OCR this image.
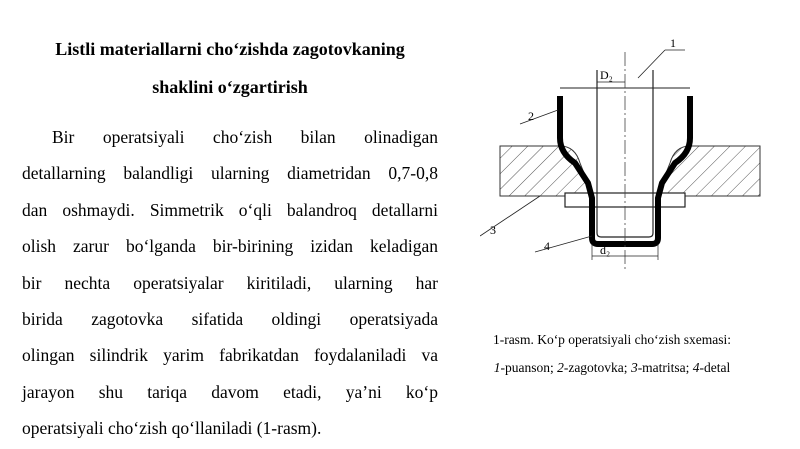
Listli materiallarni cho‘zishda zagotovkaning
shaklini o‘zgartirish
Bir operatsiyali cho‘zish bilan olinadigan
detallarning balandligi ularning diametridan 0,7-0,8
dan oshmaydi. Simmetrik o‘qli balandroq detallarni
olish zarur bo‘lganda bir-birining izidan keladigan
bir nechta operatsiyalar kiritiladi, ularning har
birida zagotovka sifatida oldingi operatsiyada
olingan silindrik yarim fabrikatdan foydalaniladi va
jarayon shu tariqa davom etadi, ya’ni ko‘p
operatsiyali cho‘zish qo‘llaniladi (1-rasm).
D₂
d₂
1
2
3
4
1-rasm. Ko‘p operatsiyali cho‘zish sxemasi:
1-puanson; 2-zagotovka; 3-matritsa; 4-detal
